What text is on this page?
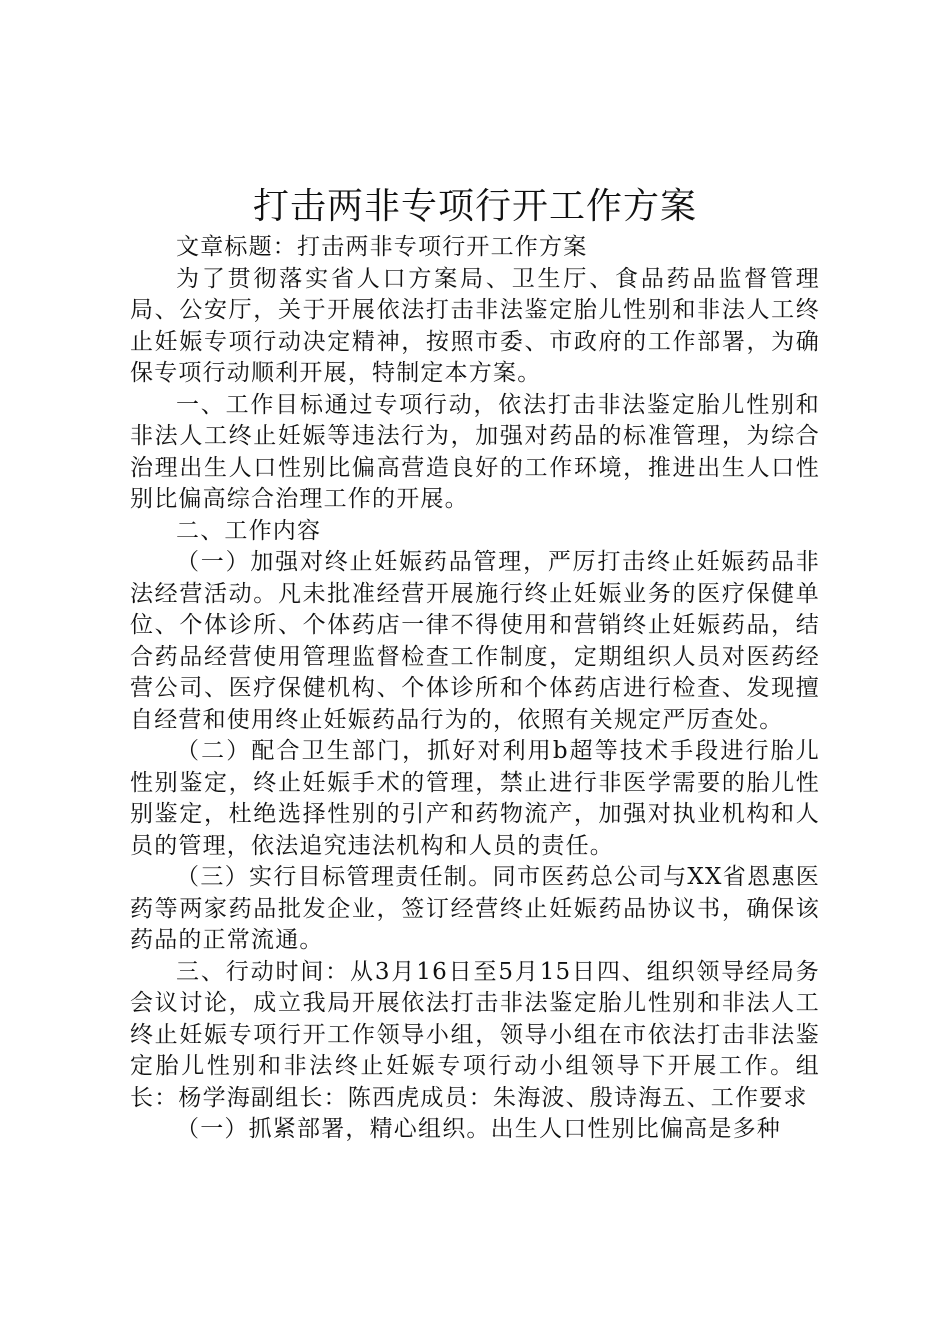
打击两非专项行开工作方案

文章标题：打击两非专项行开工作方案

为了贯彻落实省人口方案局、卫生厅、食品药品监督管理局、公安厅，关于开展依法打击非法鉴定胎儿性别和非法人工终止妊娠专项行动决定精神，按照市委、市政府的工作部署，为确保专项行动顺利开展，特制定本方案。

一、工作目标通过专项行动，依法打击非法鉴定胎儿性别和非法人工终止妊娠等违法行为，加强对药品的标准管理，为综合治理出生人口性别比偏高营造良好的工作环境，推进出生人口性别比偏高综合治理工作的开展。

二、工作内容

（一）加强对终止妊娠药品管理，严厉打击终止妊娠药品非法经营活动。凡未批准经营开展施行终止妊娠业务的医疗保健单位、个体诊所、个体药店一律不得使用和营销终止妊娠药品，结合药品经营使用管理监督检查工作制度，定期组织人员对医药经营公司、医疗保健机构、个体诊所和个体药店进行检查、发现擅自经营和使用终止妊娠药品行为的，依照有关规定严厉查处。

（二）配合卫生部门，抓好对利用b超等技术手段进行胎儿性别鉴定，终止妊娠手术的管理，禁止进行非医学需要的胎儿性别鉴定，杜绝选择性别的引产和药物流产，加强对执业机构和人员的管理，依法追究违法机构和人员的责任。

（三）实行目标管理责任制。同市医药总公司与XX省恩惠医药等两家药品批发企业，签订经营终止妊娠药品协议书，确保该药品的正常流通。

三、行动时间：从3月16日至5月15日四、组织领导经局务会议讨论，成立我局开展依法打击非法鉴定胎儿性别和非法人工终止妊娠专项行开工作领导小组，领导小组在市依法打击非法鉴定胎儿性别和非法终止妊娠专项行动小组领导下开展工作。组长：杨学海副组长：陈西虎成员：朱海波、殷诗海五、工作要求

（一）抓紧部署，精心组织。出生人口性别比偏高是多种
